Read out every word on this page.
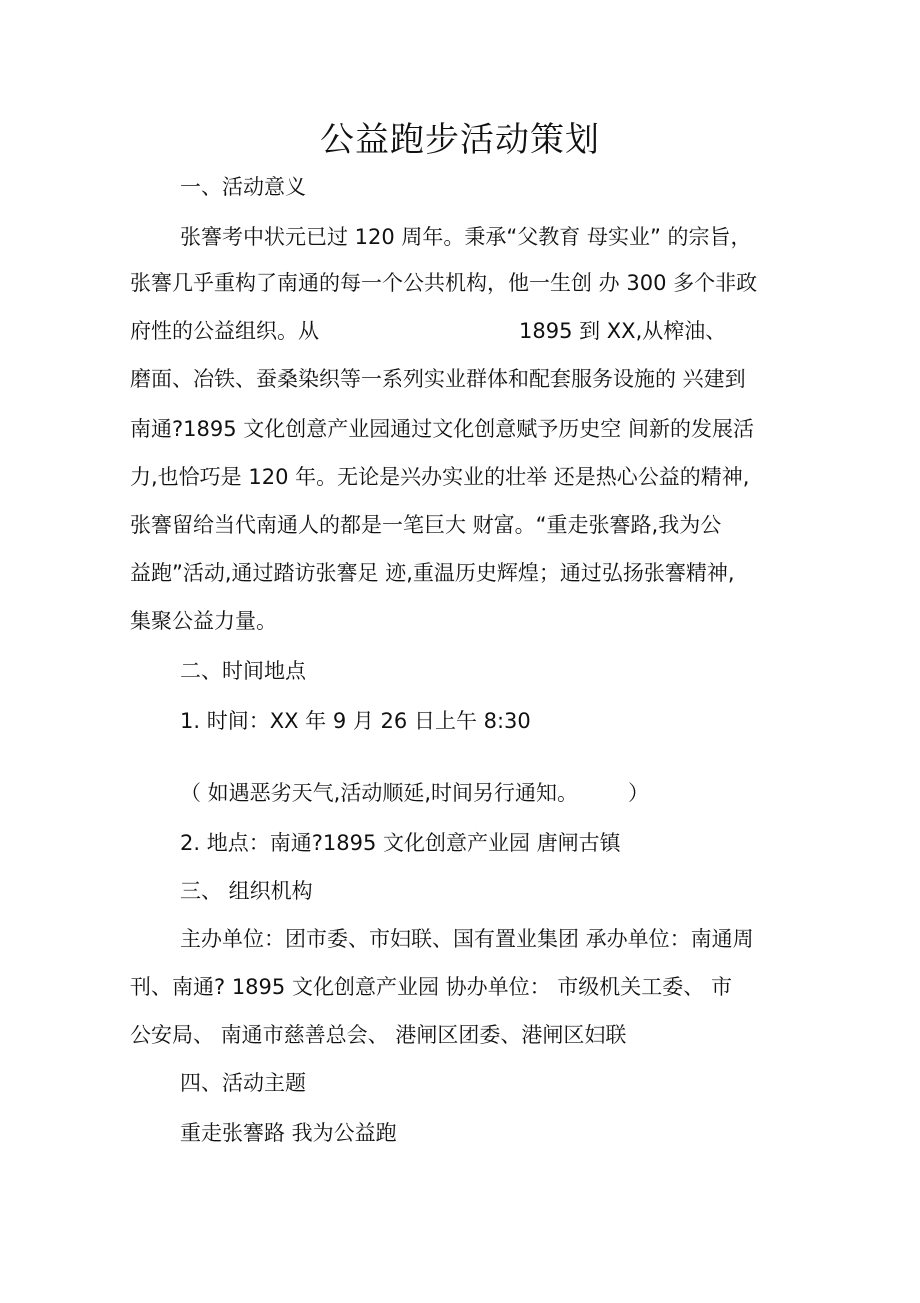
公益跑步活动策划

一、活动意义

张謇考中状元已过 120 周年。秉承“父教育 母实业” 的宗旨，

张謇几乎重构了南通的每一个公共机构，他一生创 办 300 多个非政

府性的公益组织。从	1895 到 XX,从榨油、

磨面、冶铁、蚕桑染织等一系列实业群体和配套服务设施的 兴建到

南通?1895 文化创意产业园通过文化创意赋予历史空 间新的发展活

力,也恰巧是 120 年。无论是兴办实业的壮举 还是热心公益的精神,

张謇留给当代南通人的都是一笔巨大 财富。“重走张謇路,我为公

益跑”活动,通过踏访张謇足 迹,重温历史辉煌；通过弘扬张謇精神,

集聚公益力量。

二、时间地点

1. 时间：XX 年 9 月 26 日上午 8:30

（ 如遇恶劣天气,活动顺延,时间另行通知。 ）

2. 地点：南通?1895 文化创意产业园 唐闸古镇

三、 组织机构

主办单位：团市委、市妇联、国有置业集团 承办单位：南通周

刊、南通? 1895 文化创意产业园 协办单位： 市级机关工委、 市

公安局、 南通市慈善总会、 港闸区团委、港闸区妇联

四、活动主题

重走张謇路 我为公益跑
